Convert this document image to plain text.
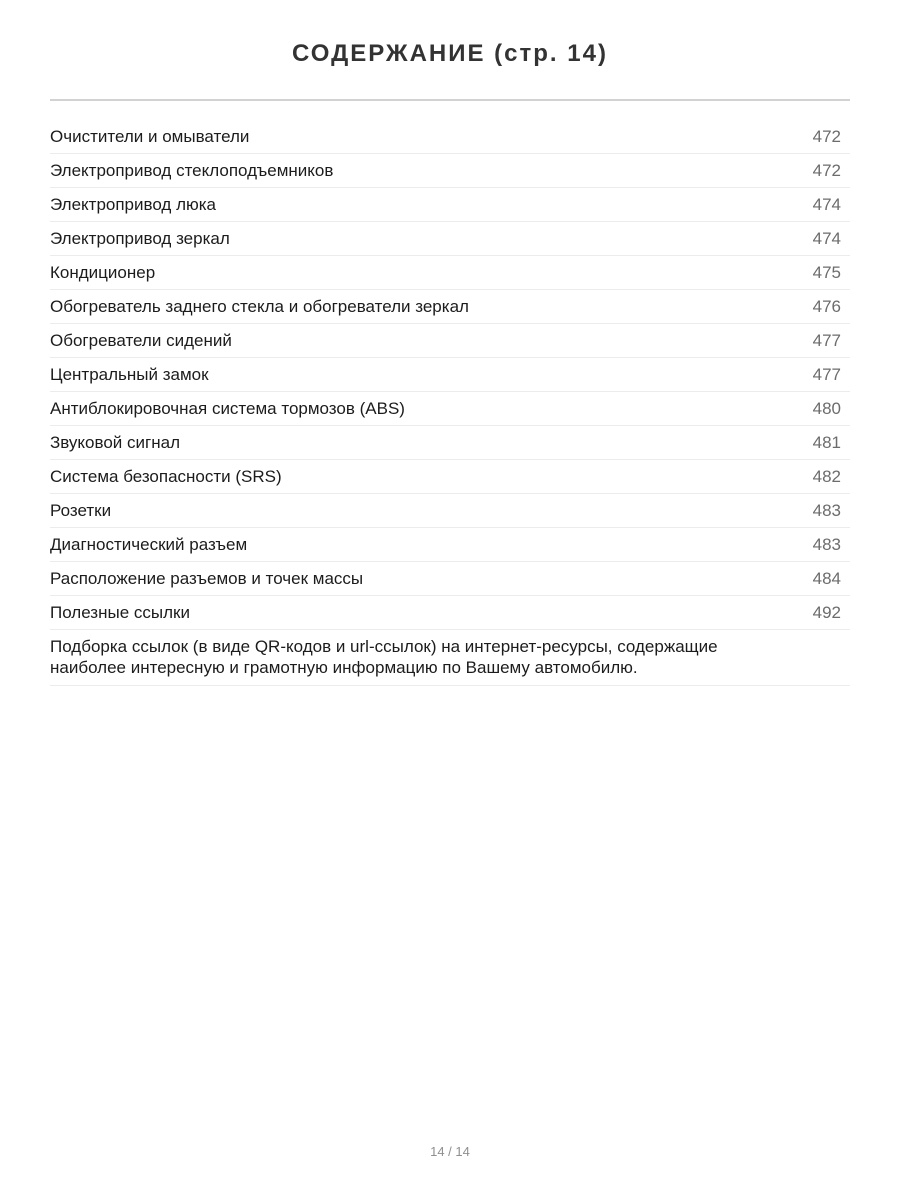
СОДЕРЖАНИЕ (стр. 14)
Очистители и омыватели	472
Электропривод стеклоподъемников	472
Электропривод люка	474
Электропривод зеркал	474
Кондиционер	475
Обогреватель заднего стекла и обогреватели зеркал	476
Обогреватели сидений	477
Центральный замок	477
Антиблокировочная система тормозов (ABS)	480
Звуковой сигнал	481
Система безопасности (SRS)	482
Розетки	483
Диагностический разъем	483
Расположение разъемов и точек массы	484
Полезные ссылки	492
Подборка ссылок (в виде QR-кодов и url-ссылок) на интернет-ресурсы, содержащие наиболее интересную и грамотную информацию по Вашему автомобилю.
14 / 14
